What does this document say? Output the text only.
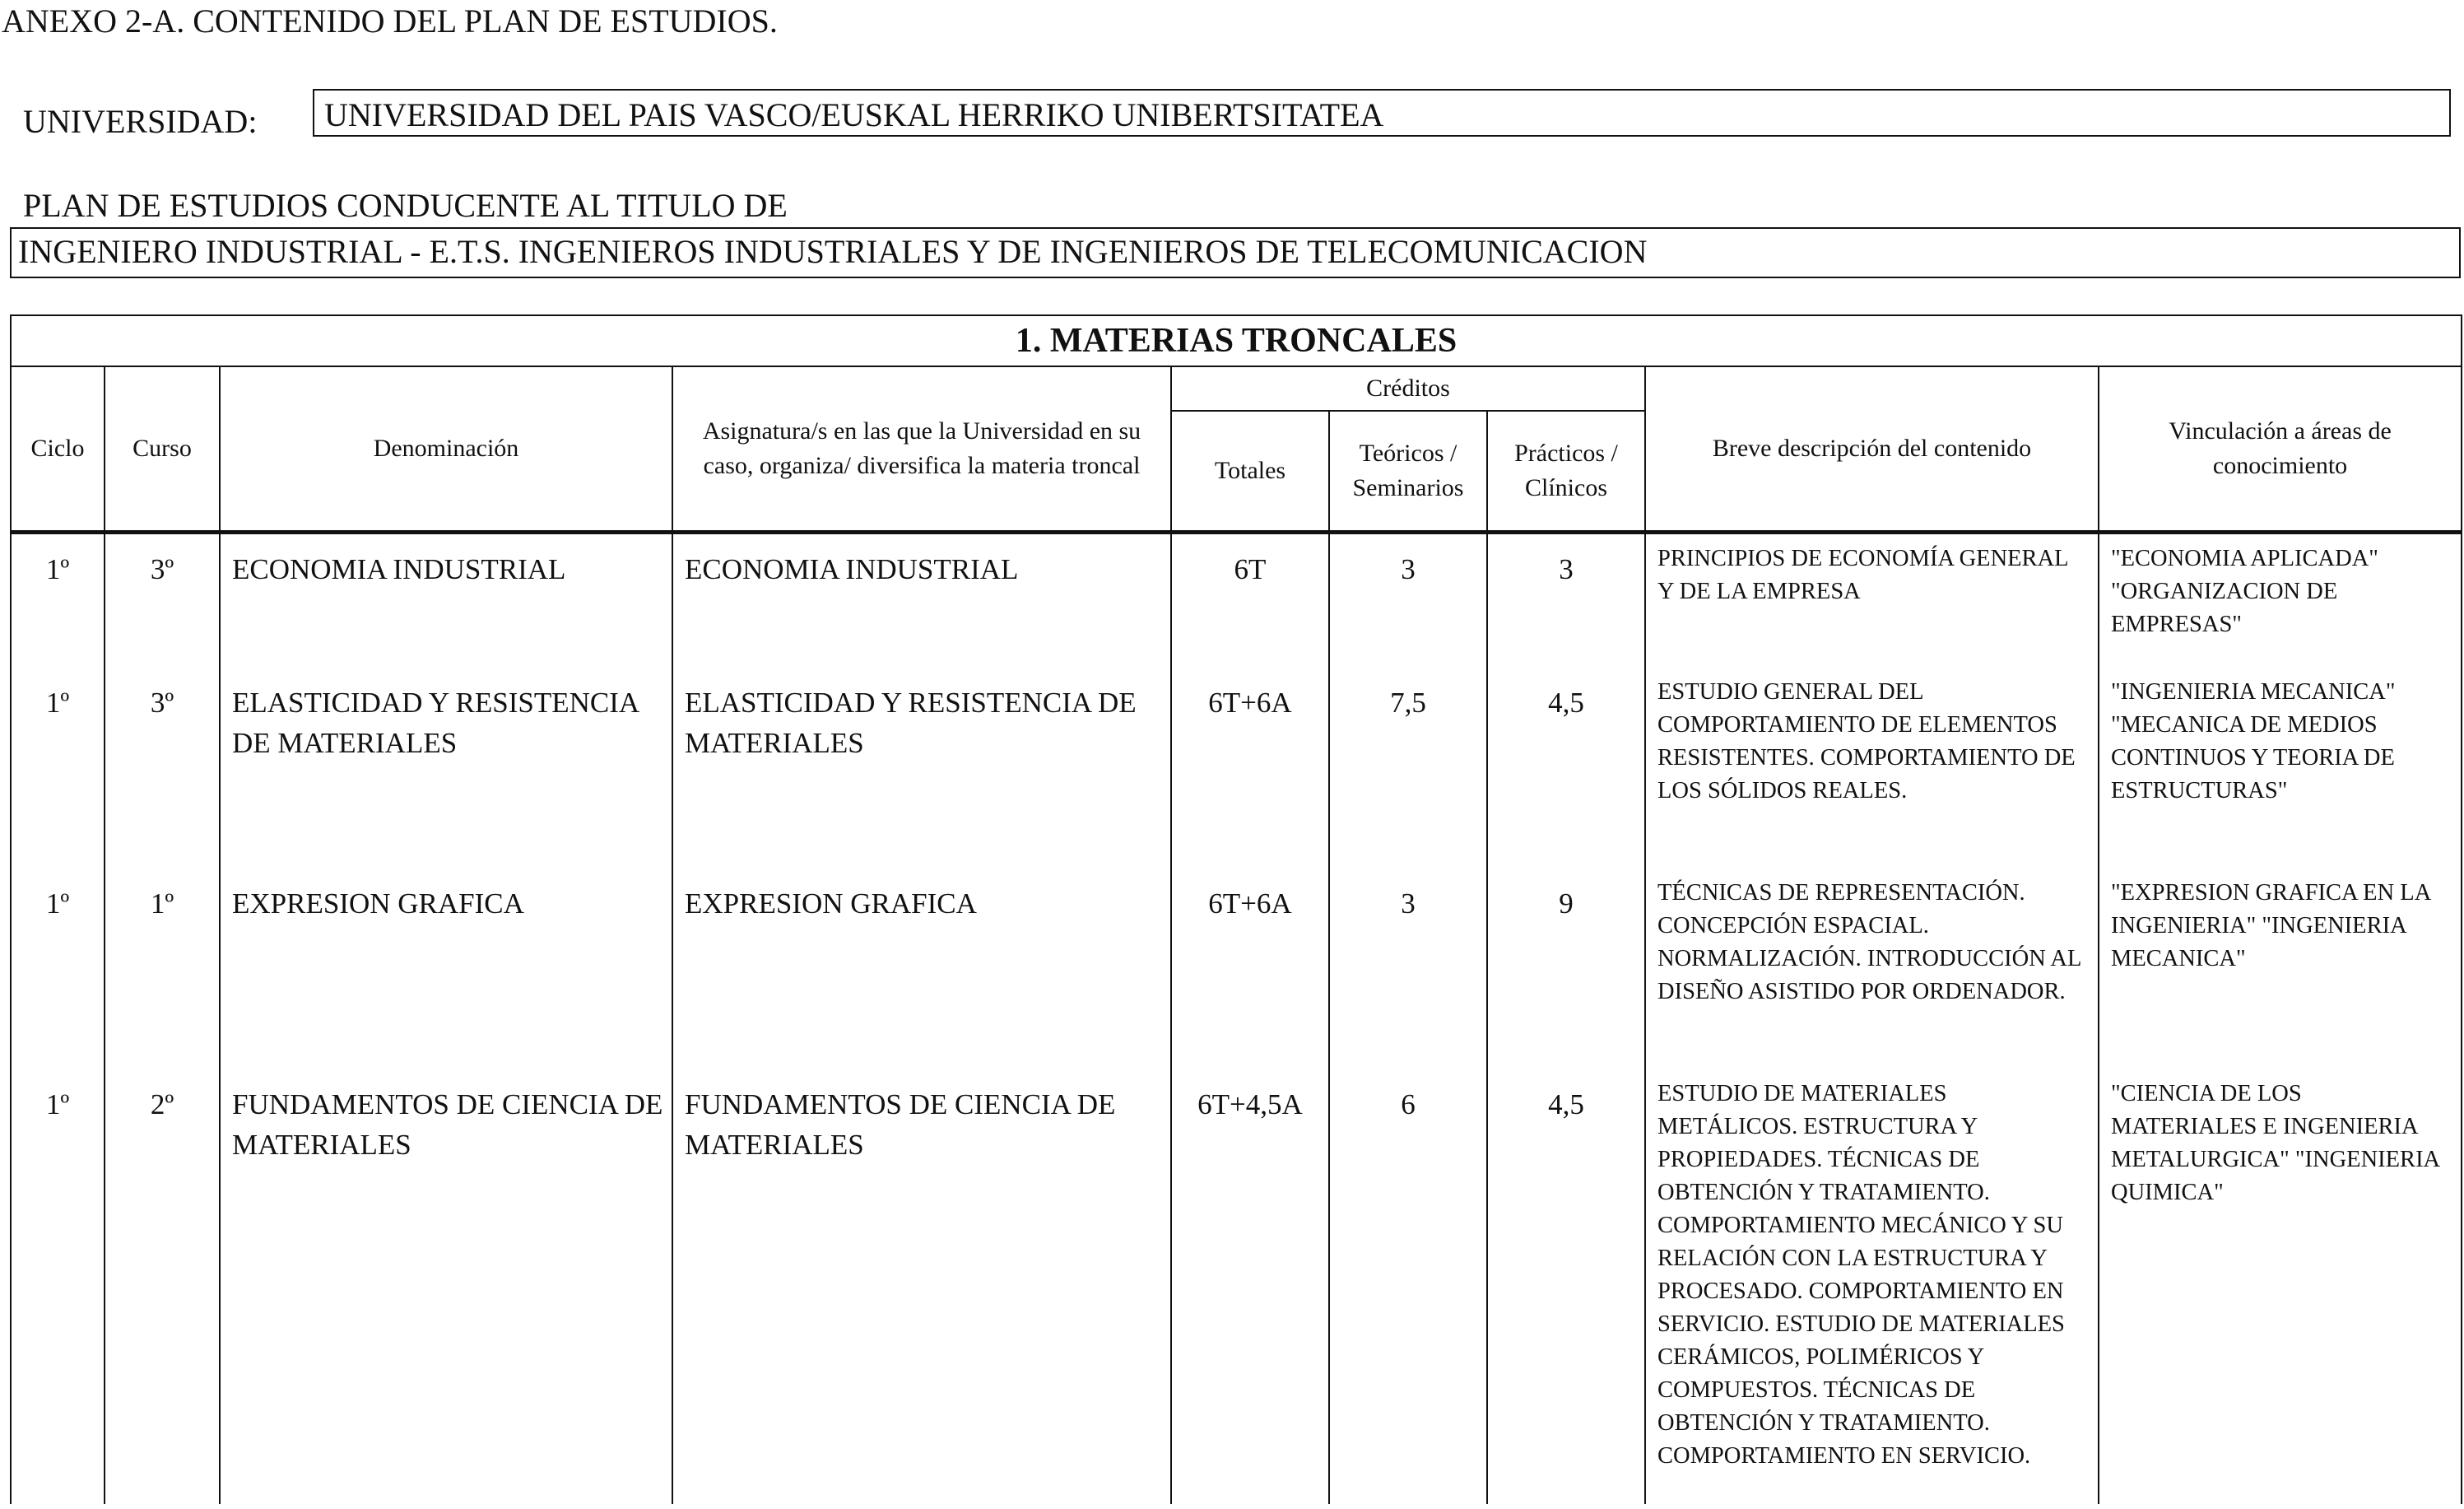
ANEXO 2-A. CONTENIDO DEL PLAN DE ESTUDIOS.
UNIVERSIDAD:	UNIVERSIDAD DEL PAIS VASCO/EUSKAL HERRIKO UNIBERTSITATEA
PLAN DE ESTUDIOS CONDUCENTE AL TITULO DE
INGENIERO INDUSTRIAL - E.T.S. INGENIEROS INDUSTRIALES Y DE INGENIEROS DE TELECOMUNICACION
1. MATERIAS TRONCALES								
Ciclo	Curso	Denominación	Asignatura/s en las que la Universidad en su caso, organiza/ diversifica la materia troncal	Créditos			Breve descripción del contenido	Vinculación a áreas de conocimiento
				Totales	Teóricos / Seminarios	Prácticos / Clínicos		
1º	3º	ECONOMIA INDUSTRIAL	ECONOMIA INDUSTRIAL	6T	3	3	PRINCIPIOS DE ECONOMÍA GENERAL Y DE LA EMPRESA	"ECONOMIA APLICADA" "ORGANIZACION DE EMPRESAS"
1º	3º	ELASTICIDAD Y RESISTENCIA DE MATERIALES	ELASTICIDAD Y RESISTENCIA DE MATERIALES	6T+6A	7,5	4,5	ESTUDIO GENERAL DEL COMPORTAMIENTO DE ELEMENTOS RESISTENTES. COMPORTAMIENTO DE LOS SÓLIDOS REALES.	"INGENIERIA MECANICA" "MECANICA DE MEDIOS CONTINUOS Y TEORIA DE ESTRUCTURAS"
1º	1º	EXPRESION GRAFICA	EXPRESION GRAFICA	6T+6A	3	9	TÉCNICAS DE REPRESENTACIÓN. CONCEPCIÓN ESPACIAL. NORMALIZACIÓN. INTRODUCCIÓN AL DISEÑO ASISTIDO POR ORDENADOR.	"EXPRESION GRAFICA EN LA INGENIERIA" "INGENIERIA MECANICA"
1º	2º	FUNDAMENTOS DE CIENCIA DE MATERIALES	FUNDAMENTOS DE CIENCIA DE MATERIALES	6T+4,5A	6	4,5	ESTUDIO DE MATERIALES METÁLICOS. ESTRUCTURA Y PROPIEDADES. TÉCNICAS DE OBTENCIÓN Y TRATAMIENTO. COMPORTAMIENTO MECÁNICO Y SU RELACIÓN CON LA ESTRUCTURA Y PROCESADO. COMPORTAMIENTO EN SERVICIO. ESTUDIO DE MATERIALES CERÁMICOS, POLIMÉRICOS Y COMPUESTOS. TÉCNICAS DE OBTENCIÓN Y TRATAMIENTO. COMPORTAMIENTO EN SERVICIO.	"CIENCIA DE LOS MATERIALES E INGENIERIA METALURGICA" "INGENIERIA QUIMICA"
